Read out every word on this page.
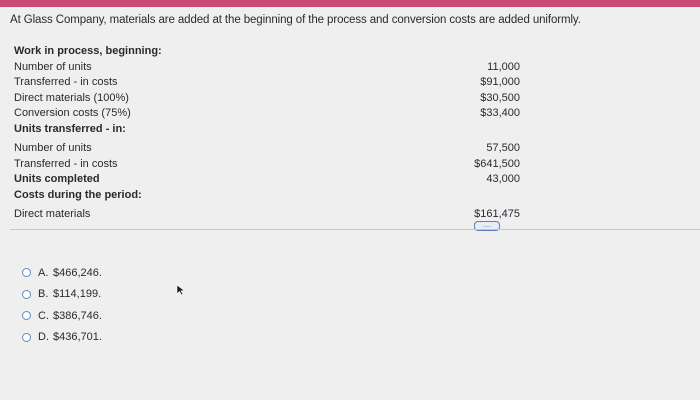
At Glass Company, materials are added at the beginning of the process and conversion costs are added uniformly.
Work in process, beginning:
Number of units	11,000
Transferred - in costs	$91,000
Direct materials (100%)	$30,500
Conversion costs (75%)	$33,400
Units transferred - in:
Number of units	57,500
Transferred - in costs	$641,500
Units completed	43,000
Costs during the period:
Direct materials	$161,475
....
A. $466,246.
B. $114,199.
C. $386,746.
D. $436,701.
